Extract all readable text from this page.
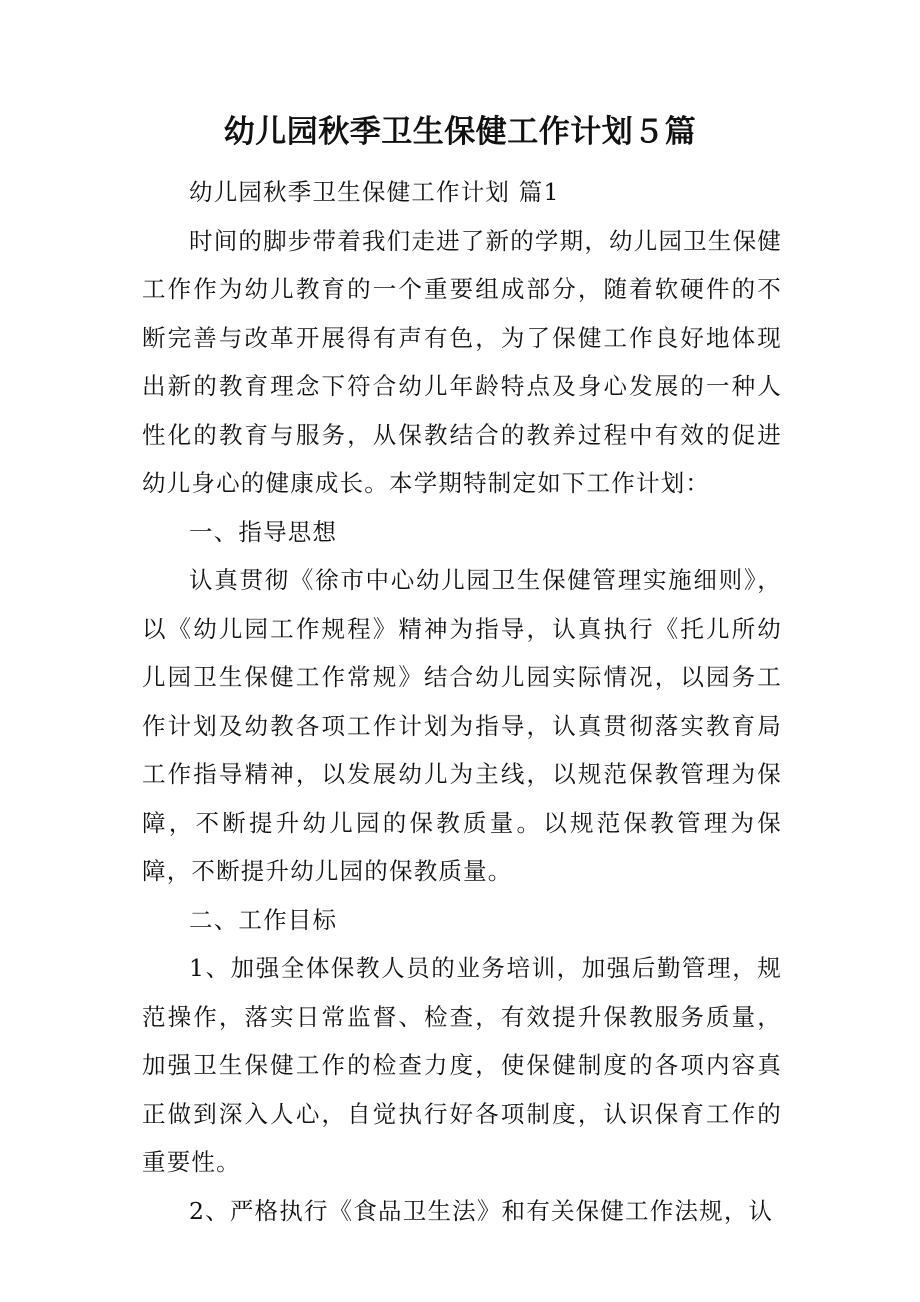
幼儿园秋季卫生保健工作计划５篇

幼儿园秋季卫生保健工作计划 篇1

时间的脚步带着我们走进了新的学期，幼儿园卫生保健工作作为幼儿教育的一个重要组成部分，随着软硬件的不断完善与改革开展得有声有色，为了保健工作良好地体现出新的教育理念下符合幼儿年龄特点及身心发展的一种人性化的教育与服务，从保教结合的教养过程中有效的促进幼儿身心的健康成长。本学期特制定如下工作计划：

一、指导思想

认真贯彻《徐市中心幼儿园卫生保健管理实施细则》，以《幼儿园工作规程》精神为指导，认真执行《托儿所幼儿园卫生保健工作常规》结合幼儿园实际情况，以园务工作计划及幼教各项工作计划为指导，认真贯彻落实教育局工作指导精神，以发展幼儿为主线，以规范保教管理为保障，不断提升幼儿园的保教质量。以规范保教管理为保障，不断提升幼儿园的保教质量。

二、工作目标

1、加强全体保教人员的业务培训，加强后勤管理，规范操作，落实日常监督、检查，有效提升保教服务质量，加强卫生保健工作的检查力度，使保健制度的各项内容真正做到深入人心，自觉执行好各项制度，认识保育工作的重要性。

2、严格执行《食品卫生法》和有关保健工作法规，认
